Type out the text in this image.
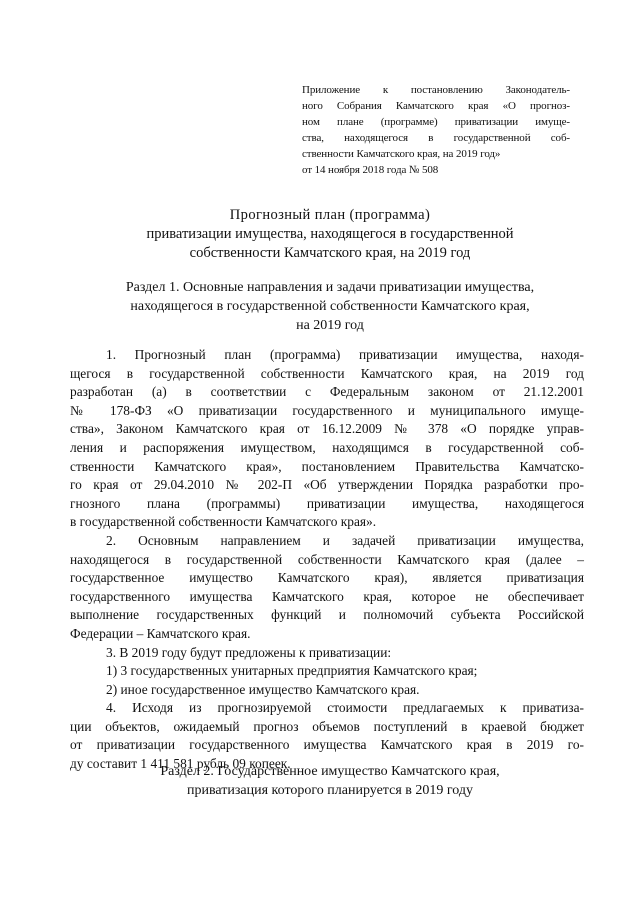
Приложение к постановлению Законодатель-
ного Собрания Камчатского края «О прогноз-
ном плане (программе) приватизации имуще-
ства, находящегося в государственной соб-
ственности Камчатского края, на 2019 год»
от 14 ноября 2018 года № 508
Прогнозный план (программа)
приватизации имущества, находящегося в государственной
собственности Камчатского края, на 2019 год
Раздел 1. Основные направления и задачи приватизации имущества,
находящегося в государственной собственности Камчатского края,
на 2019 год
1. Прогнозный план (программа) приватизации имущества, находя-
щегося в государственной собственности Камчатского края, на 2019 год
разработан (а) в соответствии с Федеральным законом от 21.12.2001
№ 178-ФЗ «О приватизации государственного и муниципального имуще-
ства», Законом Камчатского края от 16.12.2009 № 378 «О порядке управ-
ления и распоряжения имуществом, находящимся в государственной соб-
ственности Камчатского края», постановлением Правительства Камчатско-
го края от 29.04.2010 № 202-П «Об утверждении Порядка разработки про-
гнозного плана (программы) приватизации имущества, находящегося
в государственной собственности Камчатского края».
2. Основным направлением и задачей приватизации имущества,
находящегося в государственной собственности Камчатского края (далее –
государственное имущество Камчатского края), является приватизация
государственного имущества Камчатского края, которое не обеспечивает
выполнение государственных функций и полномочий субъекта Российской
Федерации – Камчатского края.
3. В 2019 году будут предложены к приватизации:
1) 3 государственных унитарных предприятия Камчатского края;
2) иное государственное имущество Камчатского края.
4. Исходя из прогнозируемой стоимости предлагаемых к приватиза-
ции объектов, ожидаемый прогноз объемов поступлений в краевой бюджет
от приватизации государственного имущества Камчатского края в 2019 го-
ду составит 1 411 581 рубль 09 копеек.
Раздел 2. Государственное имущество Камчатского края,
приватизация которого планируется в 2019 году
